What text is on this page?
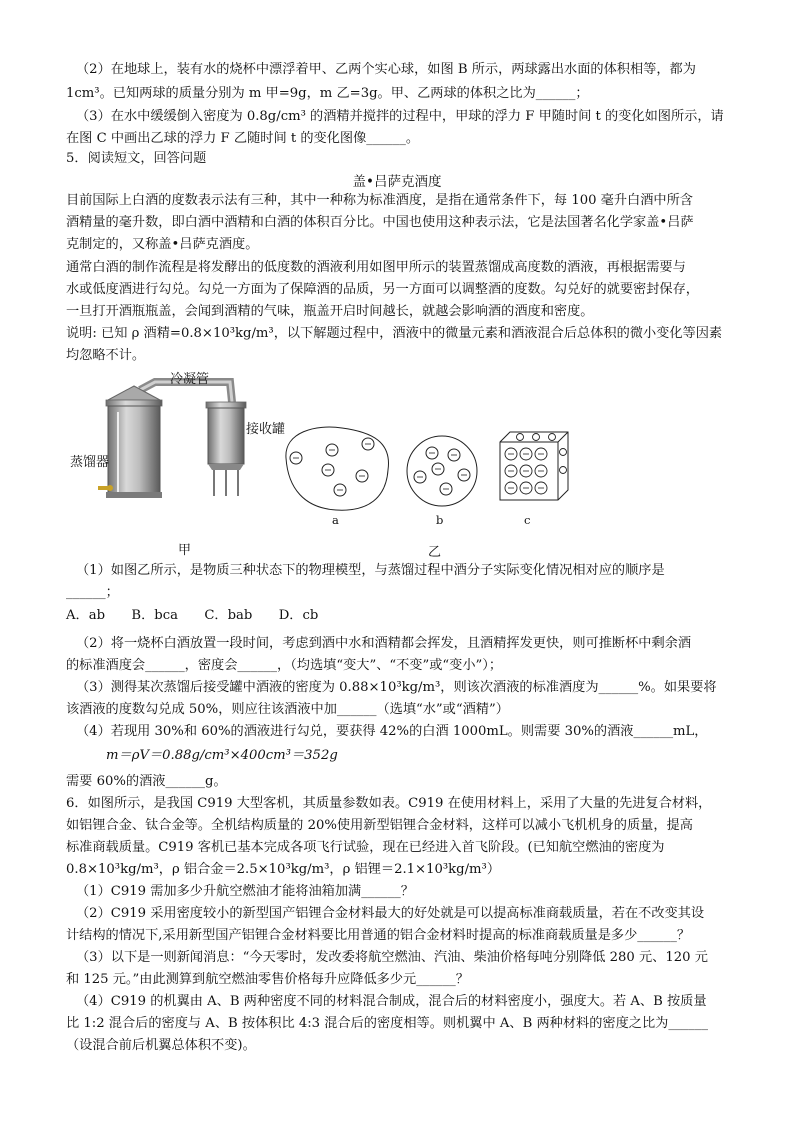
（2）在地球上，装有水的烧杯中漂浮着甲、乙两个实心球，如图 B 所示，两球露出水面的体积相等，都为
1cm³。已知两球的质量分别为 m 甲=9g，m 乙=3g。甲、乙两球的体积之比为______；
（3）在水中缓缓倒入密度为 0.8g/cm³ 的酒精并搅拌的过程中，甲球的浮力 F 甲随时间 t 的变化如图所示，请
在图 C 中画出乙球的浮力 F 乙随时间 t 的变化图像______。
5．阅读短文，回答问题
盖•吕萨克酒度
目前国际上白酒的度数表示法有三种，其中一种称为标准酒度，是指在通常条件下，每 100 毫升白酒中所含
酒精量的毫升数，即白酒中酒精和白酒的体积百分比。中国也使用这种表示法，它是法国著名化学家盖•吕萨
克制定的，又称盖•吕萨克酒度。
通常白酒的制作流程是将发酵出的低度数的酒液利用如图甲所示的装置蒸馏成高度数的酒液，再根据需要与
水或低度酒进行勾兑。勾兑一方面为了保障酒的品质，另一方面可以调整酒的度数。勾兑好的就要密封保存，
一旦打开酒瓶瓶盖，会闻到酒精的气味，瓶盖开启时间越长，就越会影响酒的酒度和密度。
说明: 已知 ρ 酒精=0.8×10³kg/m³，以下解题过程中，酒液中的微量元素和酒液混合后总体积的微小变化等因素
均忽略不计。
冷凝管
接收罐
蒸馏器
a	b	c
甲	乙
（1）如图乙所示，是物质三种状态下的物理模型，与蒸馏过程中酒分子实际变化情况相对应的顺序是
______；
A．ab　　B．bca　　C．bab　　D．cb
（2）将一烧杯白酒放置一段时间，考虑到酒中水和酒精都会挥发，且酒精挥发更快，则可推断杯中剩余酒
的标准酒度会______，密度会______，（均选填“变大”、“不变”或“变小”）；
（3）测得某次蒸馏后接受罐中酒液的密度为 0.88×10³kg/m³，则该次酒液的标准酒度为______%。如果要将
该酒液的度数勾兑成 50%，则应往该酒液中加______（选填“水”或“酒精”）
（4）若现用 30%和 60%的酒液进行勾兑，要获得 42%的白酒 1000mL。则需要 30%的酒液______mL，
m＝ρV＝0.88g/cm³×400cm³＝352g
需要 60%的酒液______g。
6．如图所示，是我国 C919 大型客机，其质量参数如表。C919 在使用材料上，采用了大量的先进复合材料，
如铝锂合金、钛合金等。全机结构质量的 20%使用新型铝锂合金材料，这样可以减小飞机机身的质量，提高
标准商载质量。C919 客机已基本完成各项飞行试验，现在已经进入首飞阶段。(已知航空燃油的密度为
0.8×10³kg/m³，ρ 铝合金＝2.5×10³kg/m³，ρ 铝锂＝2.1×10³kg/m³）
（1）C919 需加多少升航空燃油才能将油箱加满______？
（2）C919 采用密度较小的新型国产铝锂合金材料最大的好处就是可以提高标准商载质量，若在不改变其设
计结构的情况下,采用新型国产铝锂合金材料要比用普通的铝合金材料时提高的标准商载质量是多少______？
（3）以下是一则新闻消息：“今天零时，发改委将航空燃油、汽油、柴油价格每吨分别降低 280 元、120 元
和 125 元。”由此测算到航空燃油零售价格每升应降低多少元______？
（4）C919 的机翼由 A、B 两种密度不同的材料混合制成，混合后的材料密度小，强度大。若 A、B 按质量
比 1:2 混合后的密度与 A、B 按体积比 4:3 混合后的密度相等。则机翼中 A、B 两种材料的密度之比为______
（设混合前后机翼总体积不变)。
